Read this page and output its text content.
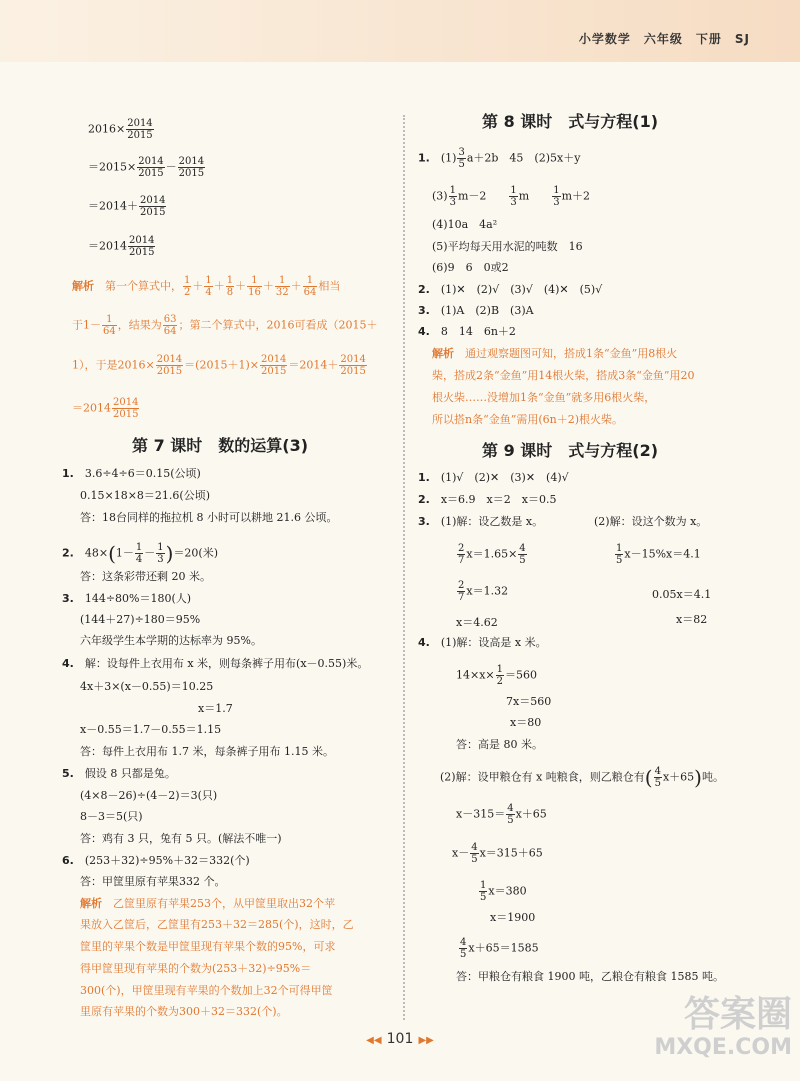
小学数学　六年级　下册　SJ
$2016\times \frac{2014}{2015}$
$=2015\times \frac{2014}{2015} - \frac{2014}{2015}$
$=2014+ \frac{2014}{2015}$
$=2014 \frac{2014}{2015}$
解析　 第一个算式中， $\frac{1}{2} + \frac{1}{4} + \frac{1}{8} + \frac{1}{16} + \frac{1}{32} + \frac{1}{64}$ 相当
于$1- \frac{1}{64}$ ，结果为 $\frac{63}{64}$ ；第二个算式中，2016可看成（2015＋
1），于是$2016\times \frac{2014}{2015} =(2015+1)\times \frac{2014}{2015} =2014+ \frac{2014}{2015}$
$=2014 \frac{2014}{2015}$
第 7 课时　数的运算(3)
1.　 3.6÷4÷6＝0.15(公顷)
0.15×18×8＝21.6(公顷)
答：18台同样的拖拉机 8 小时可以耕地 21.6 公顷。
2.　 $48\times(1- \frac{1}{4} - \frac{1}{3} )=20$(米)
答：这条彩带还剩 20 米。
3.　 144÷80%＝180(人)
(144＋27)÷180＝95%
六年级学生本学期的达标率为 95%。
4.　 解：设每件上衣用布 x 米，则每条裤子用布(x－0.55)米。
4x＋3×(x－0.55)＝10.25
x＝1.7
x－0.55＝1.7－0.55＝1.15
答：每件上衣用布 1.7 米，每条裤子用布 1.15 米。
5.　 假设 8 只都是兔。
(4×8－26)÷(4－2)＝3(只)
8－3＝5(只)
答：鸡有 3 只，兔有 5 只。(解法不唯一)
6.　 (253＋32)÷95%＋32＝332(个)
答：甲筐里原有苹果332 个。
解析　 乙筐里原有苹果253个，从甲筐里取出32个苹
果放入乙筐后，乙筐里有253＋32＝285(个)，这时，乙
筐里的苹果个数是甲筐里现有苹果个数的95%，可求
得甲筐里现有苹果的个数为(253＋32)÷95%＝
300(个)，甲筐里现有苹果的个数加上32个可得甲筐
里原有苹果的个数为300＋32＝332(个)。
第 8 课时　式与方程(1)
1.　 $(1) \frac{3}{5} a+2b$　45　(2)5x＋y
$(3) \frac{1}{3} m-2$　　 $\frac{1}{3}$ m　　 $\frac{1}{3} m+2$
(4)10a　4a²
(5)平均每天用水泥的吨数　16
(6)9　6　0或2
2.　 (1)✕　(2)√　(3)√　(4)✕　(5)√
3.　 (1)A　(2)B　(3)A
4.　 8　14　6n＋2
解析　 通过观察题图可知，搭成1条“金鱼”用8根火
柴，搭成2条“金鱼”用14根火柴，搭成3条“金鱼”用20
根火柴……没增加1条“金鱼”就多用6根火柴，
所以搭n条“金鱼”需用(6n＋2)根火柴。
第 9 课时　式与方程(2)
1.　 (1)√　(2)✕　(3)✕　(4)√
2.　 x＝6.9　x＝2　x＝0.5
3.　 (1)解：设乙数是 x。	(2)解：设这个数为 x。
$\frac{2}{7} x=1.65\times \frac{4}{5}$	$\frac{1}{5} x-15\%x=4.1$
$\frac{2}{7} x=1.32$	0.05x＝4.1
x＝4.62	x＝82
4.　 (1)解：设高是 x 米。
$14\times x\times \frac{1}{2} =560$
7x＝560
x＝80
答：高是 80 米。
(2)解：设甲粮仓有 x 吨粮食，则乙粮仓有( $\frac{4}{5} x+65$)吨。
$x-315= \frac{4}{5} x+65$
$x- \frac{4}{5} x=315+65$
$\frac{1}{5} x=380$
x＝1900
$\frac{4}{5} x+65=1585$
答：甲粮仓有粮食 1900 吨，乙粮仓有粮食 1585 吨。
◀◀ 101 ▶▶
答案圈
MXQE.COM
